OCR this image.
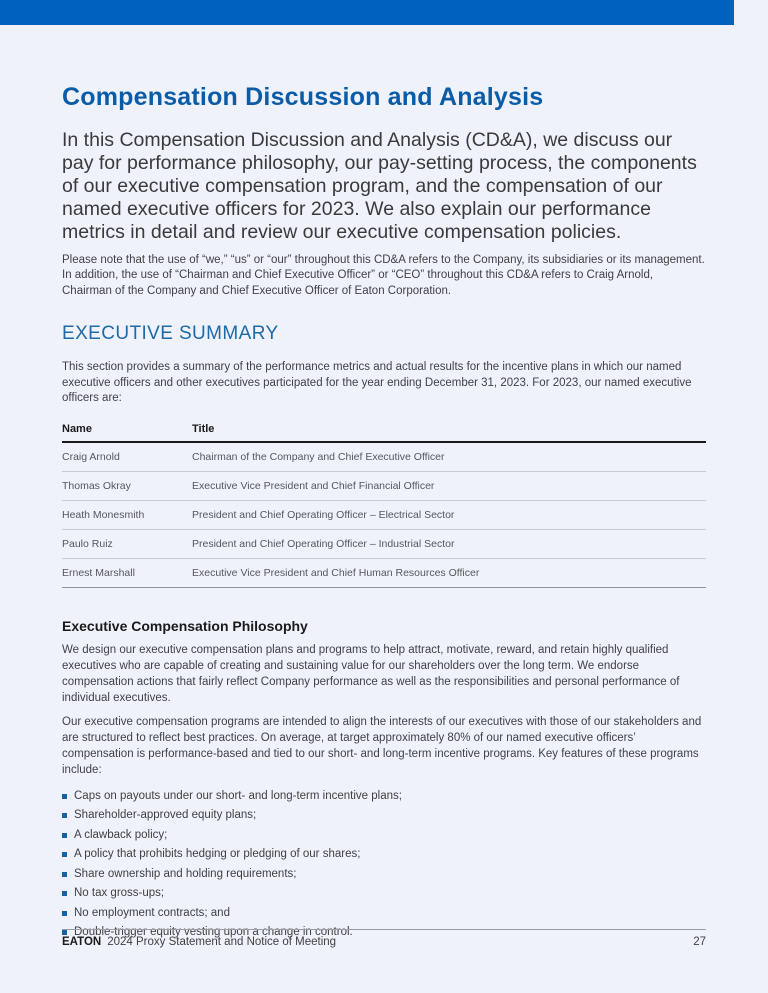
Compensation Discussion and Analysis

In this Compensation Discussion and Analysis (CD&A), we discuss our pay for performance philosophy, our pay-setting process, the components of our executive compensation program, and the compensation of our named executive officers for 2023. We also explain our performance metrics in detail and review our executive compensation policies.

Please note that the use of “we,” “us” or “our” throughout this CD&A refers to the Company, its subsidiaries or its management. In addition, the use of “Chairman and Chief Executive Officer” or “CEO” throughout this CD&A refers to Craig Arnold, Chairman of the Company and Chief Executive Officer of Eaton Corporation.

EXECUTIVE SUMMARY

This section provides a summary of the performance metrics and actual results for the incentive plans in which our named executive officers and other executives participated for the year ending December 31, 2023. For 2023, our named executive officers are:

Name	Title
Craig Arnold	Chairman of the Company and Chief Executive Officer
Thomas Okray	Executive Vice President and Chief Financial Officer
Heath Monesmith	President and Chief Operating Officer – Electrical Sector
Paulo Ruiz	President and Chief Operating Officer – Industrial Sector
Ernest Marshall	Executive Vice President and Chief Human Resources Officer
Executive Compensation Philosophy

We design our executive compensation plans and programs to help attract, motivate, reward, and retain highly qualified executives who are capable of creating and sustaining value for our shareholders over the long term. We endorse compensation actions that fairly reflect Company performance as well as the responsibilities and personal performance of individual executives.

Our executive compensation programs are intended to align the interests of our executives with those of our stakeholders and are structured to reflect best practices. On average, at target approximately 80% of our named executive officers’ compensation is performance-based and tied to our short- and long-term incentive programs. Key features of these programs include:

Caps on payouts under our short- and long-term incentive plans;
Shareholder-approved equity plans;
A clawback policy;
A policy that prohibits hedging or pledging of our shares;
Share ownership and holding requirements;
No tax gross-ups;
No employment contracts; and
Double-trigger equity vesting upon a change in control.
EATON 2024 Proxy Statement and Notice of Meeting	27
